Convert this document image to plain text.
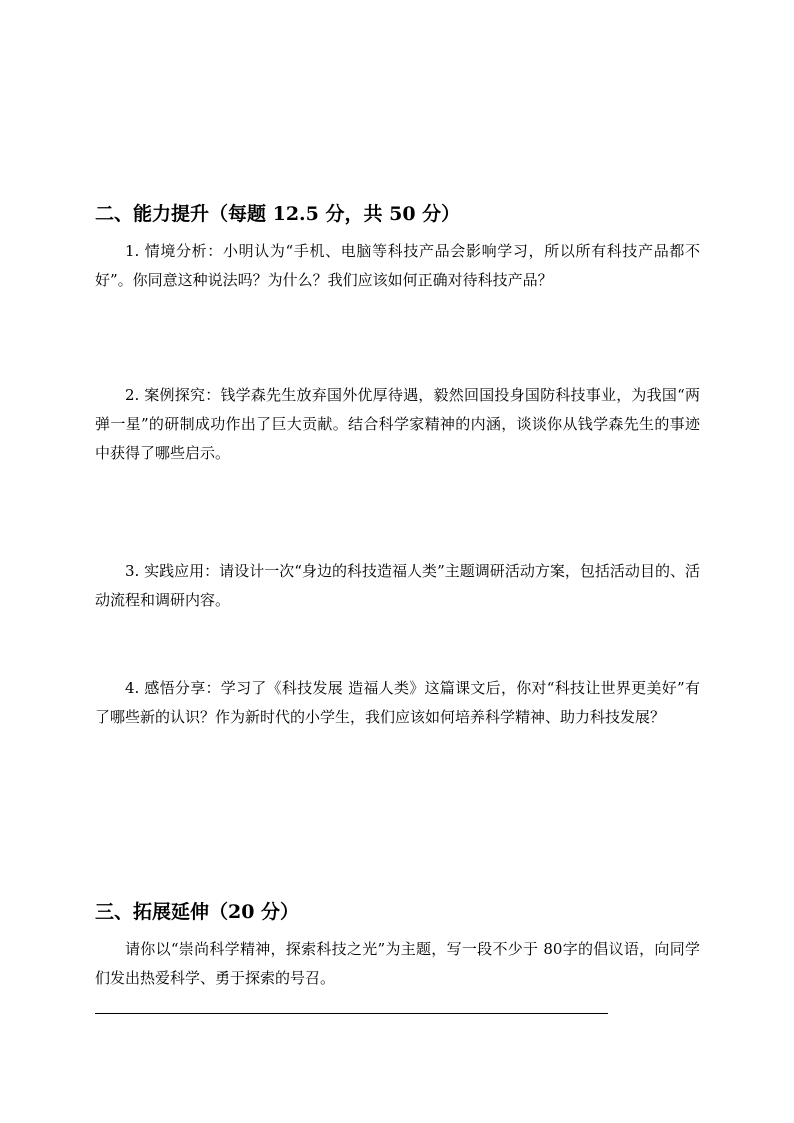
二、能力提升（每题 12.5 分，共 50 分）

1. 情境分析：小明认为“手机、电脑等科技产品会影响学习，所以所有科技产品都不好”。你同意这种说法吗？为什么？我们应该如何正确对待科技产品？

2. 案例探究：钱学森先生放弃国外优厚待遇，毅然回国投身国防科技事业，为我国“两弹一星”的研制成功作出了巨大贡献。结合科学家精神的内涵，谈谈你从钱学森先生的事迹中获得了哪些启示。

3. 实践应用：请设计一次“身边的科技造福人类”主题调研活动方案，包括活动目的、活动流程和调研内容。

4. 感悟分享：学习了《科技发展 造福人类》这篇课文后，你对“科技让世界更美好”有了哪些新的认识？作为新时代的小学生，我们应该如何培养科学精神、助力科技发展？

三、拓展延伸（20 分）

请你以“崇尚科学精神，探索科技之光”为主题，写一段不少于 80字的倡议语，向同学们发出热爱科学、勇于探索的号召。
